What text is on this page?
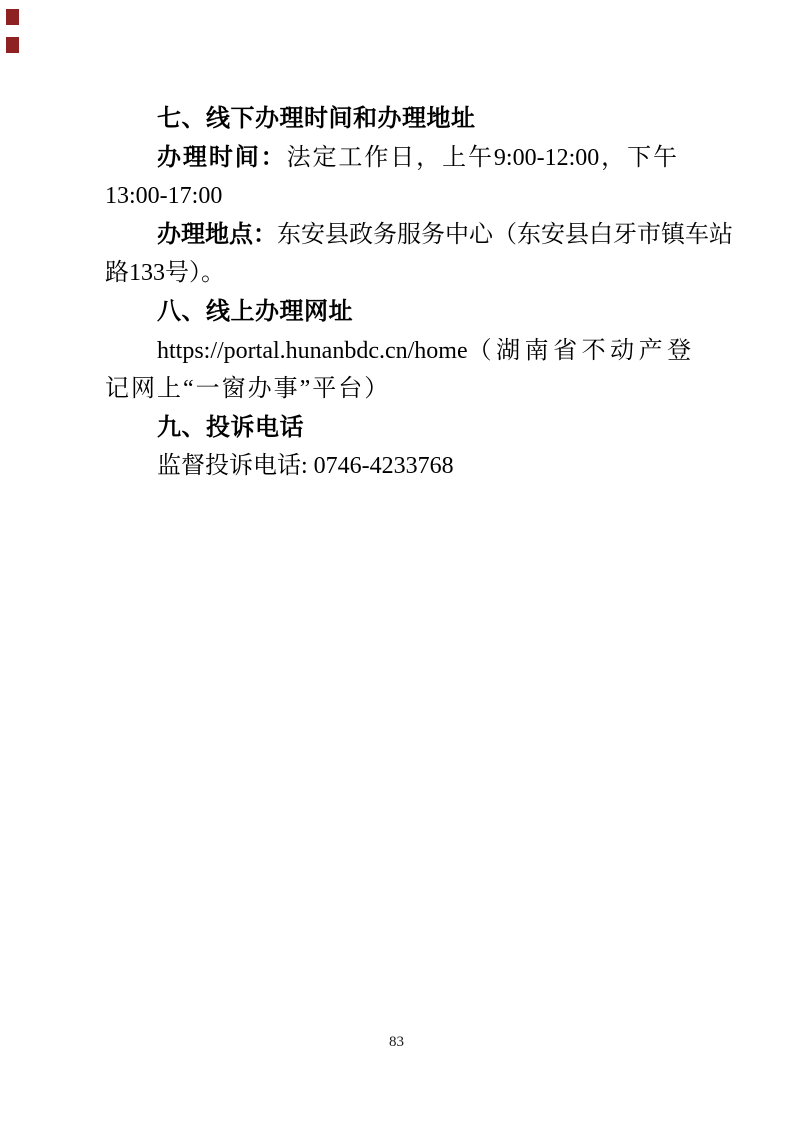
七、线下办理时间和办理地址
办理时间：法定工作日，上午9:00-12:00，下午
13:00-17:00
办理地点：东安县政务服务中心（东安县白牙市镇车站
路133号）。
八、线上办理网址
https://portal.hunanbdc.cn/home（湖南省不动产登
记网上“一窗办事”平台）
九、投诉电话
监督投诉电话: 0746-4233768
83
